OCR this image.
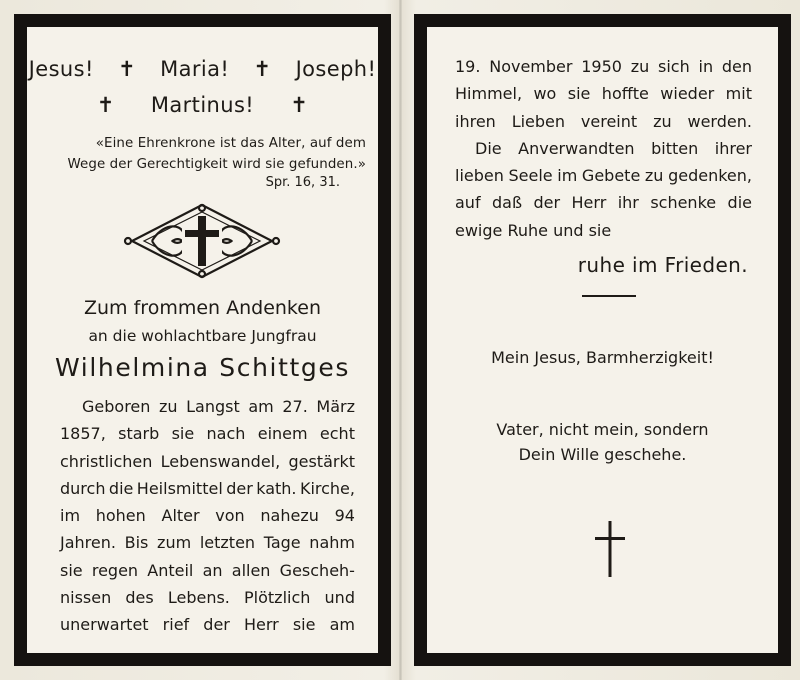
Jesus! ✝ Maria! ✝ Joseph!
✝ Martinus! ✝

«Eine Ehrenkrone ist das Alter, auf dem

Wege der Gerechtigkeit wird sie gefunden.»

Spr. 16, 31.
Zum frommen Andenken
an die wohlachtbare Jungfrau
Wilhelmina Schittges
Geboren zu Langst am 27. März
1857, starb sie nach einem echt
christlichen Lebenswandel, gestärkt
durch die Heilsmittel der kath. Kirche,
im hohen Alter von nahezu 94
Jahren. Bis zum letzten Tage nahm
sie regen Anteil an allen Gescheh-
nissen des Lebens. Plötzlich und
unerwartet rief der Herr sie am
19. November 1950 zu sich in den
Himmel, wo sie hoffte wieder mit
ihren Lieben vereint zu werden.
Die Anverwandten bitten ihrer
lieben Seele im Gebete zu gedenken,
auf daß der Herr ihr schenke die
ewige Ruhe und sie
ruhe im Frieden.
Mein Jesus, Barmherzigkeit!
Vater, nicht mein, sondern
Dein Wille geschehe.
